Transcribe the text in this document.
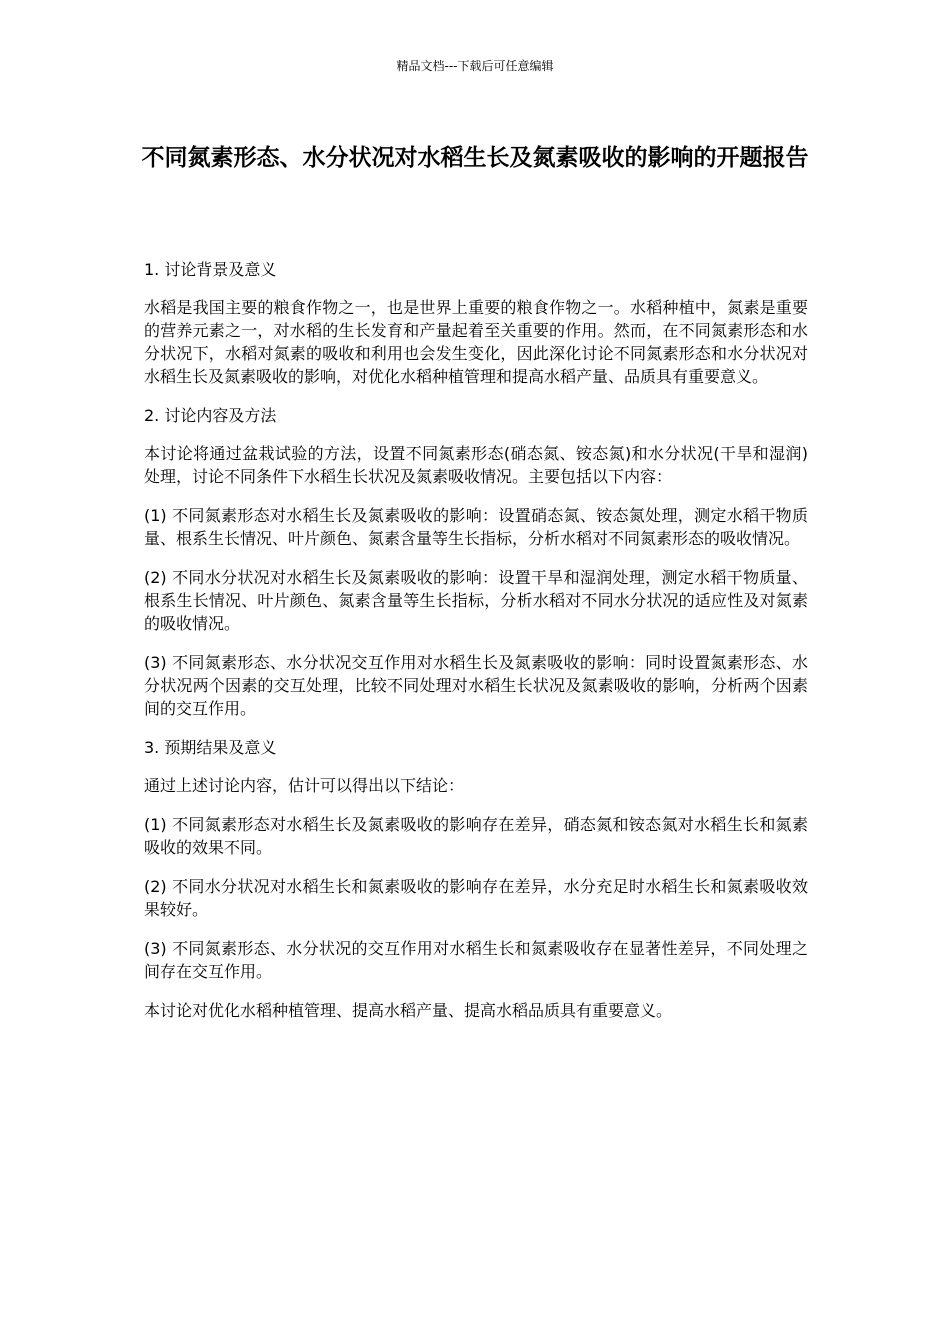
精品文档---下载后可任意编辑
不同氮素形态、水分状况对水稻生长及氮素吸收的影响的开题报告

1. 讨论背景及意义

水稻是我国主要的粮食作物之一，也是世界上重要的粮食作物之一。水稻种植中，氮素是重要的营养元素之一，对水稻的生长发育和产量起着至关重要的作用。然而，在不同氮素形态和水分状况下，水稻对氮素的吸收和利用也会发生变化，因此深化讨论不同氮素形态和水分状况对水稻生长及氮素吸收的影响，对优化水稻种植管理和提高水稻产量、品质具有重要意义。

2. 讨论内容及方法

本讨论将通过盆栽试验的方法，设置不同氮素形态(硝态氮、铵态氮)和水分状况(干旱和湿润)处理，讨论不同条件下水稻生长状况及氮素吸收情况。主要包括以下内容：

(1) 不同氮素形态对水稻生长及氮素吸收的影响：设置硝态氮、铵态氮处理，测定水稻干物质量、根系生长情况、叶片颜色、氮素含量等生长指标，分析水稻对不同氮素形态的吸收情况。

(2) 不同水分状况对水稻生长及氮素吸收的影响：设置干旱和湿润处理，测定水稻干物质量、根系生长情况、叶片颜色、氮素含量等生长指标，分析水稻对不同水分状况的适应性及对氮素的吸收情况。

(3) 不同氮素形态、水分状况交互作用对水稻生长及氮素吸收的影响：同时设置氮素形态、水分状况两个因素的交互处理，比较不同处理对水稻生长状况及氮素吸收的影响，分析两个因素间的交互作用。

3. 预期结果及意义

通过上述讨论内容，估计可以得出以下结论：

(1) 不同氮素形态对水稻生长及氮素吸收的影响存在差异，硝态氮和铵态氮对水稻生长和氮素吸收的效果不同。

(2) 不同水分状况对水稻生长和氮素吸收的影响存在差异，水分充足时水稻生长和氮素吸收效果较好。

(3) 不同氮素形态、水分状况的交互作用对水稻生长和氮素吸收存在显著性差异，不同处理之间存在交互作用。

本讨论对优化水稻种植管理、提高水稻产量、提高水稻品质具有重要意义。
